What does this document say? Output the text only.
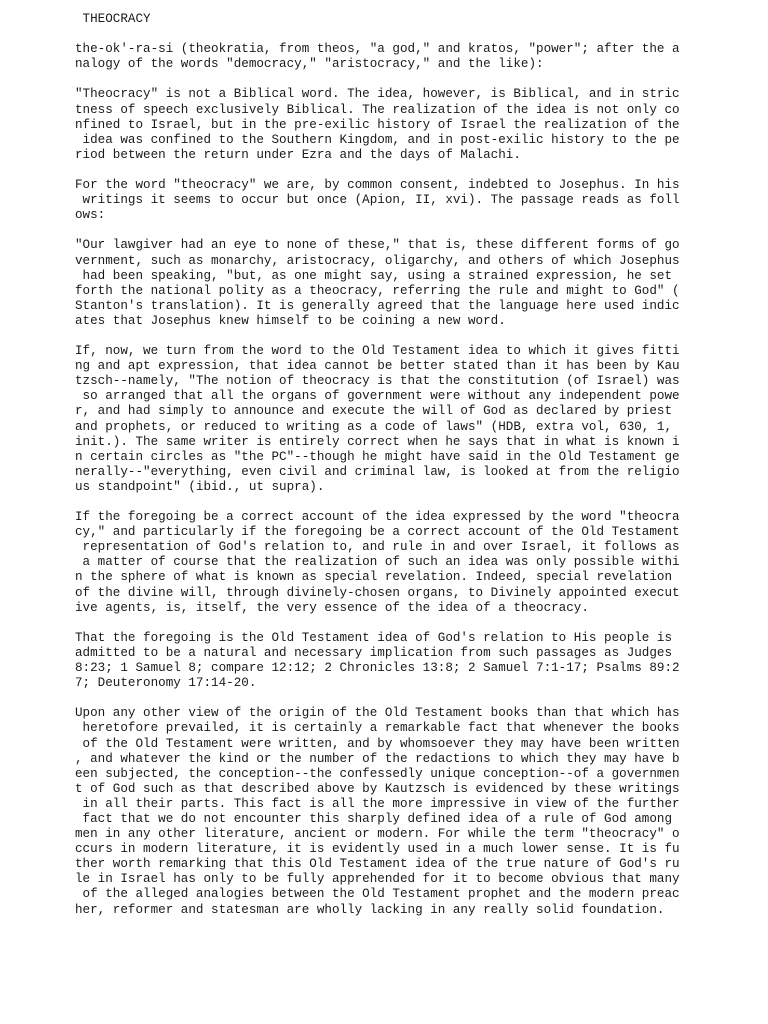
THEOCRACY
the-ok'-ra-si (theokratia, from theos, "a god," and kratos, "power"; after the a
nalogy of the words "democracy," "aristocracy," and the like):
"Theocracy" is not a Biblical word. The idea, however, is Biblical, and in stric
tness of speech exclusively Biblical. The realization of the idea is not only co
nfined to Israel, but in the pre-exilic history of Israel the realization of the
idea was confined to the Southern Kingdom, and in post-exilic history to the pe
riod between the return under Ezra and the days of Malachi.
For the word "theocracy" we are, by common consent, indebted to Josephus. In his
writings it seems to occur but once (Apion, II, xvi). The passage reads as foll
ows:
"Our lawgiver had an eye to none of these," that is, these different forms of go
vernment, such as monarchy, aristocracy, oligarchy, and others of which Josephus
had been speaking, "but, as one might say, using a strained expression, he set
forth the national polity as a theocracy, referring the rule and might to God" (
Stanton's translation). It is generally agreed that the language here used indic
ates that Josephus knew himself to be coining a new word.
If, now, we turn from the word to the Old Testament idea to which it gives fitti
ng and apt expression, that idea cannot be better stated than it has been by Kau
tzsch--namely, "The notion of theocracy is that the constitution (of Israel) was
so arranged that all the organs of government were without any independent powe
r, and had simply to announce and execute the will of God as declared by priest
and prophets, or reduced to writing as a code of laws" (HDB, extra vol, 630, 1,
init.). The same writer is entirely correct when he says that in what is known i
n certain circles as "the PC"--though he might have said in the Old Testament ge
nerally--"everything, even civil and criminal law, is looked at from the religio
us standpoint" (ibid., ut supra).
If the foregoing be a correct account of the idea expressed by the word "theocra
cy," and particularly if the foregoing be a correct account of the Old Testament
representation of God's relation to, and rule in and over Israel, it follows as
a matter of course that the realization of such an idea was only possible withi
n the sphere of what is known as special revelation. Indeed, special revelation
of the divine will, through divinely-chosen organs, to Divinely appointed execut
ive agents, is, itself, the very essence of the idea of a theocracy.
That the foregoing is the Old Testament idea of God's relation to His people is
admitted to be a natural and necessary implication from such passages as Judges
8:23; 1 Samuel 8; compare 12:12; 2 Chronicles 13:8; 2 Samuel 7:1-17; Psalms 89:2
7; Deuteronomy 17:14-20.
Upon any other view of the origin of the Old Testament books than that which has
heretofore prevailed, it is certainly a remarkable fact that whenever the books
of the Old Testament were written, and by whomsoever they may have been written
, and whatever the kind or the number of the redactions to which they may have b
een subjected, the conception--the confessedly unique conception--of a governmen
t of God such as that described above by Kautzsch is evidenced by these writings
in all their parts. This fact is all the more impressive in view of the further
fact that we do not encounter this sharply defined idea of a rule of God among
men in any other literature, ancient or modern. For while the term "theocracy" o
ccurs in modern literature, it is evidently used in a much lower sense. It is fu
ther worth remarking that this Old Testament idea of the true nature of God's ru
le in Israel has only to be fully apprehended for it to become obvious that many
of the alleged analogies between the Old Testament prophet and the modern preac
her, reformer and statesman are wholly lacking in any really solid foundation.
